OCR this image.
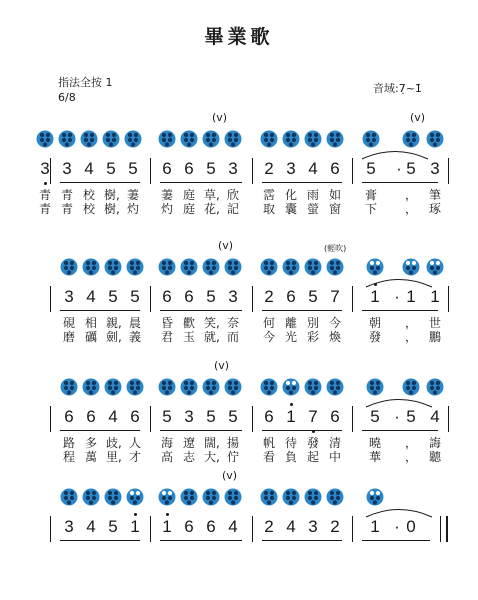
畢業歌
指法全按 1
6/8
音域:7̣~1̇
(v)	(v)
3 3 4 5 5 6 6 5 3 2 3 4 6 5 · 5 3
青 青 校 樹, 萋 萋 庭 草, 欣 霑 化 雨 如 膏 ， 筆
青 青 校 樹, 灼 灼 庭 花, 記 取 囊 螢 窗 下 ， 琢
(v)	(輕吹)
3 4 5 5 6 6 5 3 2 6 5 7 1 · 1 1
硯 相 親, 晨 昏 歡 笑, 奈 何 離 別 今 朝 ， 世
磨 礪 劍, 義 君 玉 就, 而 今 光 彩 煥 發 ， 鵬
(v)
6 6 4 6 5 3 5 5 6 1 7 6 5 · 5 4
路 多 歧, 人 海 遼 闊, 揚 帆 待 發 清 曉 ， 誨
程 萬 里, 才 高 志 大, 佇 看 負 起 中 華 ， 聽
(v)
3 4 5 1 1 6 6 4 2 4 3 2 1 · 0
